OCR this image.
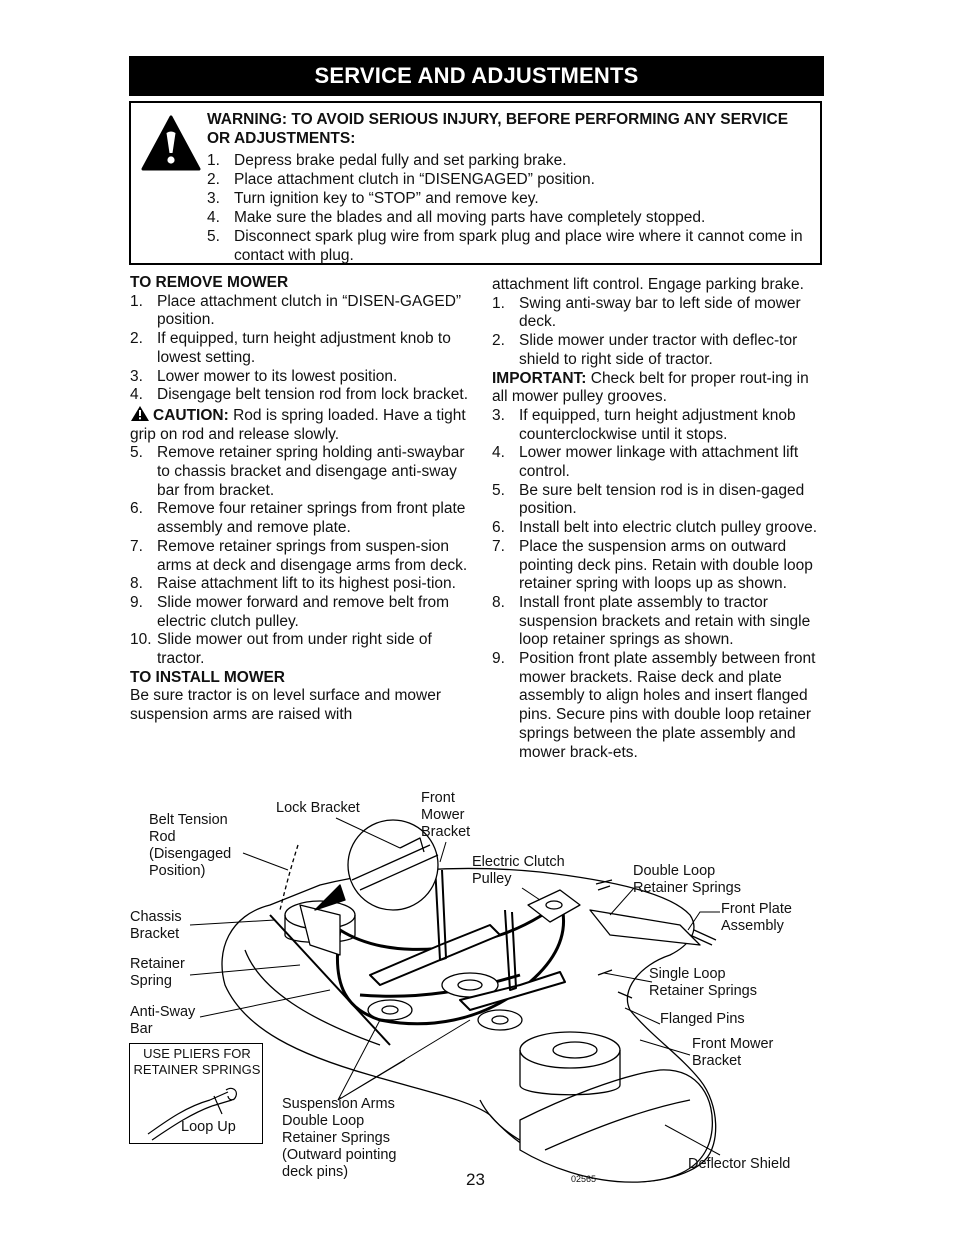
SERVICE AND ADJUSTMENTS
WARNING: TO AVOID SERIOUS INJURY, BEFORE PERFORMING ANY SERVICE OR ADJUSTMENTS:
1. Depress brake pedal fully and set parking brake.
2. Place attachment clutch in “DISENGAGED” position.
3. Turn ignition key to “STOP” and remove key.
4. Make sure the blades and all moving parts have completely stopped.
5. Disconnect spark plug wire from spark plug and place wire where it cannot come in contact with plug.
TO REMOVE MOWER
1. Place attachment clutch in “DISEN-GAGED” position.
2. If equipped, turn height adjustment knob to lowest setting.
3. Lower mower to its lowest position.
4. Disengage belt tension rod from lock bracket.
CAUTION: Rod is spring loaded. Have a tight grip on rod and release slowly.
5. Remove retainer spring holding anti-swaybar to chassis bracket and disengage anti-sway bar from bracket.
6. Remove four retainer springs from front plate assembly and remove plate.
7. Remove retainer springs from suspen-sion arms at deck and disengage arms from deck.
8. Raise attachment lift to its highest posi-tion.
9. Slide mower forward and remove belt from electric clutch pulley.
10. Slide mower out from under right side of tractor.
TO INSTALL MOWER
Be sure tractor is on level surface and mower suspension arms are raised with
attachment lift control. Engage parking brake.
1. Swing anti-sway bar to left side of mower deck.
2. Slide mower under tractor with deflec-tor shield to right side of tractor.
IMPORTANT: Check belt for proper rout-ing in all mower pulley grooves.
3. If equipped, turn height adjustment knob counterclockwise until it stops.
4. Lower mower linkage with attachment lift control.
5. Be sure belt tension rod is in disen-gaged position.
6. Install belt into electric clutch pulley groove.
7. Place the suspension arms on outward pointing deck pins. Retain with double loop retainer spring with loops up as shown.
8. Install front plate assembly to tractor suspension brackets and retain with single loop retainer springs as shown.
9. Position front plate assembly between front mower brackets. Raise deck and plate assembly to align holes and insert flanged pins. Secure pins with double loop retainer springs between the plate assembly and mower brack-ets.
Belt Tension
Rod
(Disengaged
Position)
Lock Bracket
Front
Mower
Bracket
Electric Clutch
Pulley	Double Loop
Retainer Springs
Front Plate
Assembly
Chassis
Bracket
Retainer
Spring
Anti-Sway
Bar
Single Loop
Retainer Springs
Flanged Pins
Front Mower
Bracket
Suspension Arms
Double Loop
Retainer Springs
(Outward pointing
deck pins)	Deflector Shield
USE PLIERS FOR
RETAINER SPRINGS
Loop Up
23	02565
